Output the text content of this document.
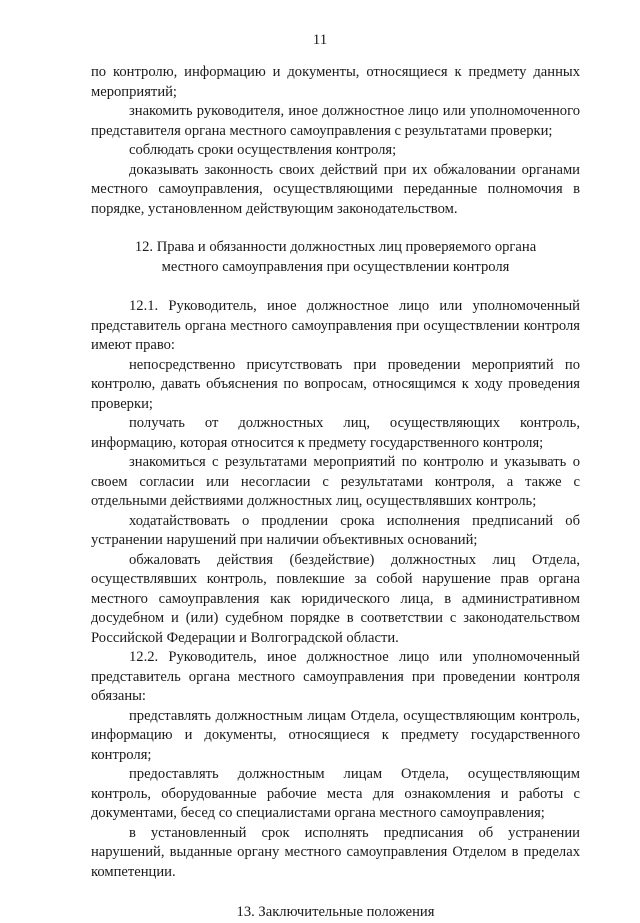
11

по контролю, информацию и документы, относящиеся к предмету данных мероприятий;

знакомить руководителя, иное должностное лицо или уполномоченного представителя органа местного самоуправления с результатами проверки;

соблюдать сроки осуществления контроля;

доказывать законность своих действий при их обжаловании органами местного самоуправления, осуществляющими переданные полномочия в порядке, установленном действующим законодательством.

12. Права и обязанности должностных лиц проверяемого органа
местного самоуправления при осуществлении контроля

12.1. Руководитель, иное должностное лицо или уполномоченный представитель органа местного самоуправления при осуществлении контроля имеют право:

непосредственно присутствовать при проведении мероприятий по контролю, давать объяснения по вопросам, относящимся к ходу проведения проверки;

получать от должностных лиц, осуществляющих контроль, информацию, которая относится к предмету государственного контроля;

знакомиться с результатами мероприятий по контролю и указывать о своем согласии или несогласии с результатами контроля, а также с отдельными действиями должностных лиц, осуществлявших контроль;

ходатайствовать о продлении срока исполнения предписаний об устранении нарушений при наличии объективных оснований;

обжаловать действия (бездействие) должностных лиц Отдела, осуществлявших контроль, повлекшие за собой нарушение прав органа местного самоуправления как юридического лица, в административном досудебном и (или) судебном порядке в соответствии с законодательством Российской Федерации и Волгоградской области.

12.2. Руководитель, иное должностное лицо или уполномоченный представитель органа местного самоуправления при проведении контроля обязаны:

представлять должностным лицам Отдела, осуществляющим контроль, информацию и документы, относящиеся к предмету государственного контроля;

предоставлять должностным лицам Отдела, осуществляющим контроль, оборудованные рабочие места для ознакомления и работы с документами, бесед со специалистами органа местного самоуправления;

в установленный срок исполнять предписания об устранении нарушений, выданные органу местного самоуправления Отделом в пределах компетенции.

13. Заключительные положения
